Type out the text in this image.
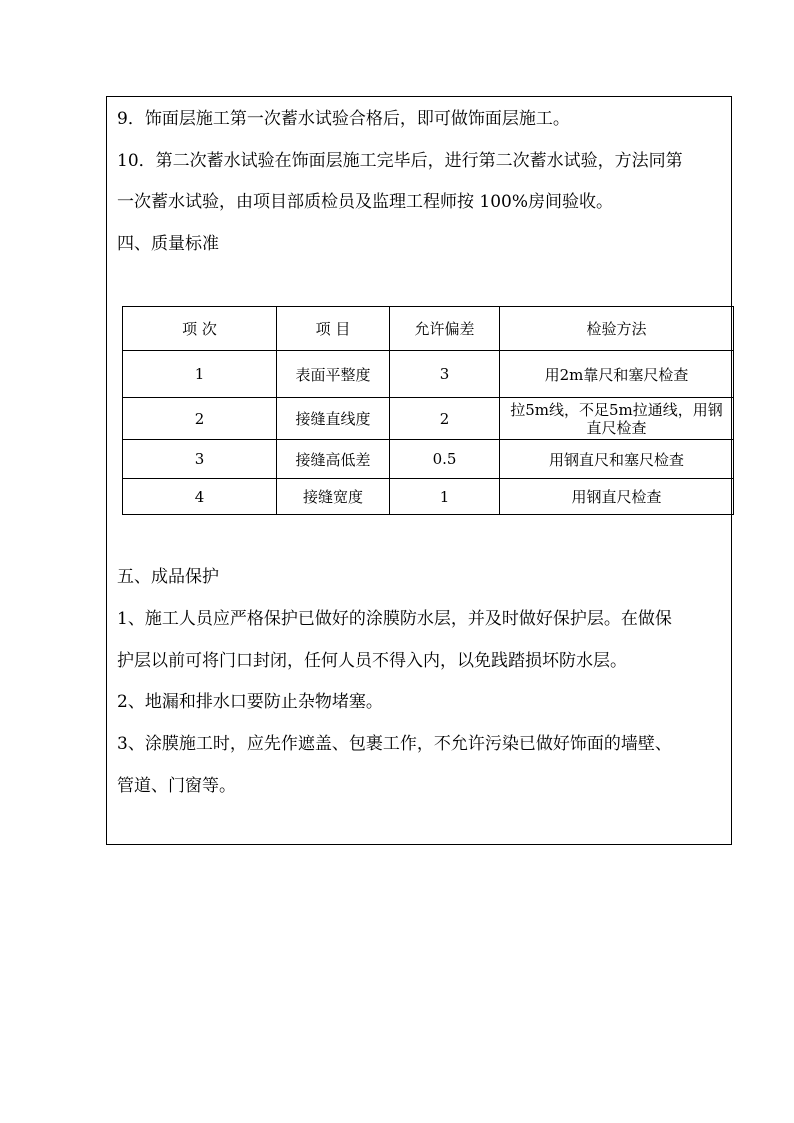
9．饰面层施工第一次蓄水试验合格后，即可做饰面层施工。
10．第二次蓄水试验在饰面层施工完毕后，进行第二次蓄水试验，方法同第
一次蓄水试验，由项目部质检员及监理工程师按 100%房间验收。
四、质量标准
项 次	项 目	允许偏差	检验方法
1	表面平整度	3	用2m靠尺和塞尺检查
2	接缝直线度	2	拉5m线，不足5m拉通线，用钢
直尺检查

3	接缝高低差	0.5	用钢直尺和塞尺检查
4	接缝宽度	1	用钢直尺检查
五、成品保护
1、施工人员应严格保护已做好的涂膜防水层，并及时做好保护层。在做保
护层以前可将门口封闭，任何人员不得入内，以免践踏损坏防水层。
2、地漏和排水口要防止杂物堵塞。
3、涂膜施工时，应先作遮盖、包裹工作，不允许污染已做好饰面的墙壁、
管道、门窗等。
